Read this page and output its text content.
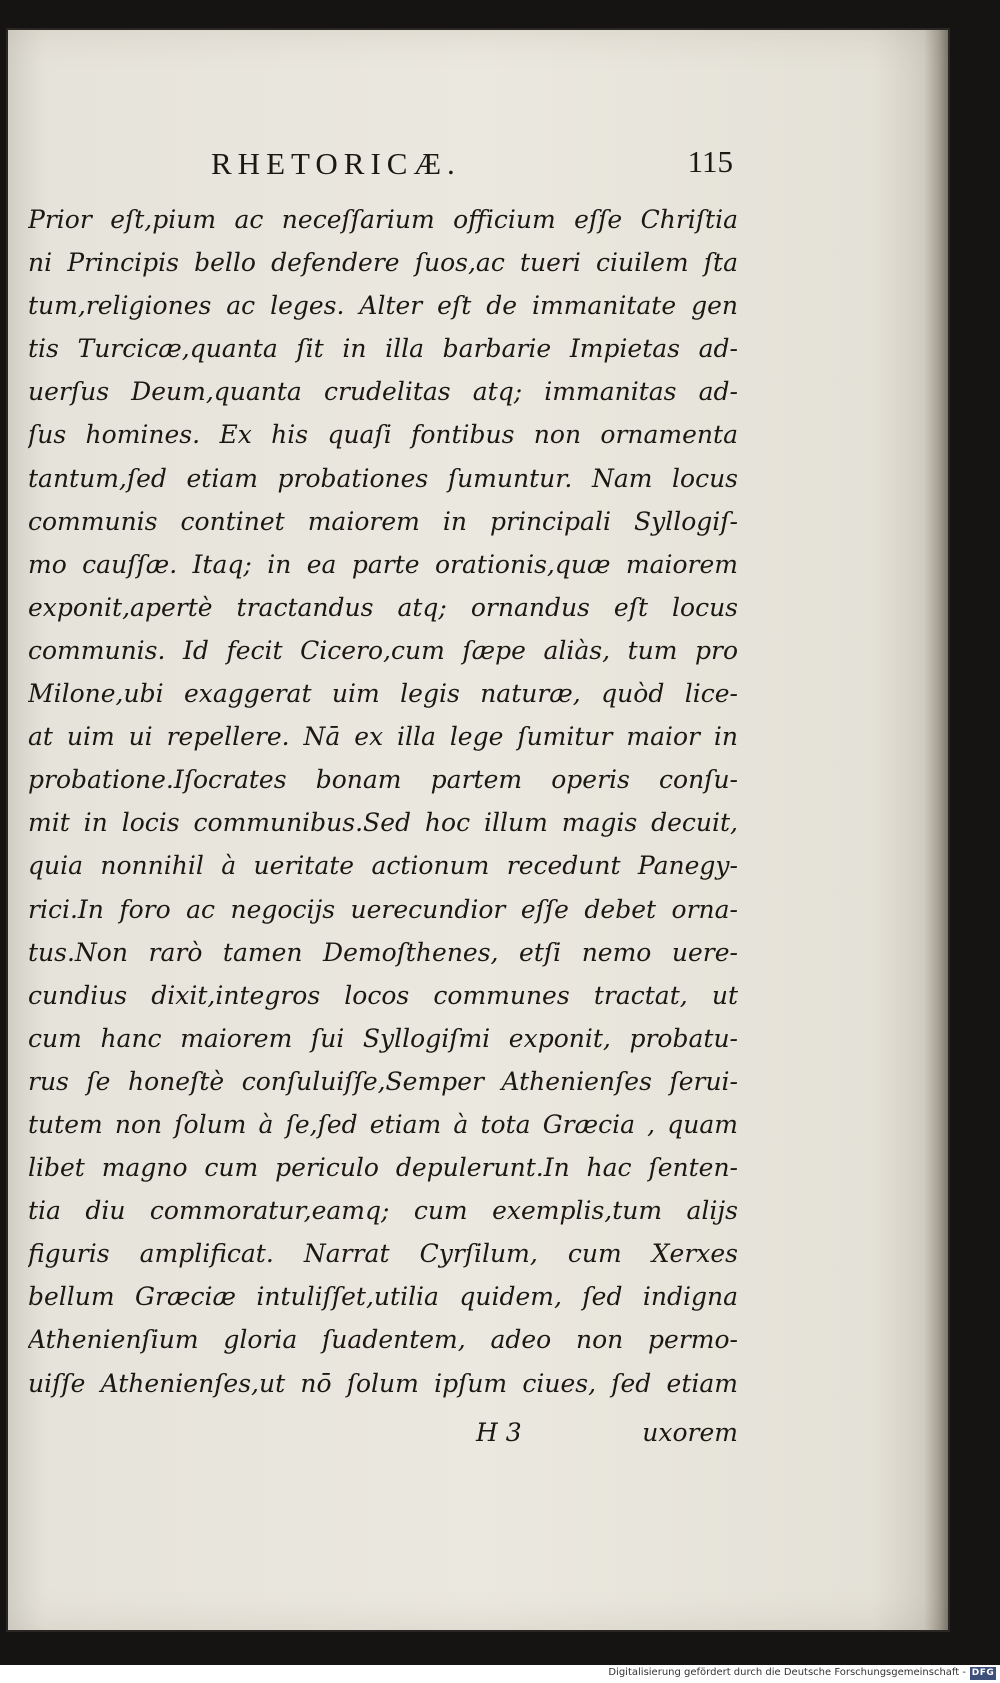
RHETORICÆ.	115
Prior eſt,pium ac neceſſarium officium eſſe Chriſtia
ni Principis bello defendere ſuos,ac tueri ciuilem ſta
tum,religiones ac leges. Alter eſt de immanitate gen
tis Turcicæ,quanta ſit in illa barbarie Impietas ad-
uerſus Deum,quanta crudelitas atq; immanitas ad-
ſus homines. Ex his quaſi fontibus non ornamenta
tantum,ſed etiam probationes ſumuntur. Nam locus
communis continet maiorem in principali Syllogiſ-
mo cauſſæ. Itaq; in ea parte orationis,quæ maiorem
exponit,apertè tractandus atq; ornandus eſt locus
communis. Id fecit Cicero,cum ſæpe aliàs, tum pro
Milone,ubi exaggerat uim legis naturæ, quòd lice-
at uim ui repellere. Nā ex illa lege ſumitur maior in
probatione.Iſocrates bonam partem operis conſu-
mit in locis communibus.Sed hoc illum magis decuit,
quia nonnihil à ueritate actionum recedunt Panegy-
rici.In foro ac negocijs uerecundior eſſe debet orna-
tus.Non rarò tamen Demoſthenes, etſi nemo uere-
cundius dixit,integros locos communes tractat, ut
cum hanc maiorem ſui Syllogiſmi exponit, probatu-
rus ſe honeſtè conſuluiſſe,Semper Athenienſes ſerui-
tutem non ſolum à ſe,ſed etiam à tota Græcia , quam
libet magno cum periculo depulerunt.In hac ſenten-
tia diu commoratur,eamq; cum exemplis,tum alijs
figuris amplificat. Narrat Cyrſilum, cum Xerxes
bellum Græciæ intuliſſet,utilia quidem, ſed indigna
Athenienſium gloria ſuadentem, adeo non permo-
uiſſe Athenienſes,ut nō ſolum ipſum ciues, ſed etiam
H 3	uxorem
Digitalisierung gefördert durch die Deutsche Forschungsgemeinschaft - DFG
